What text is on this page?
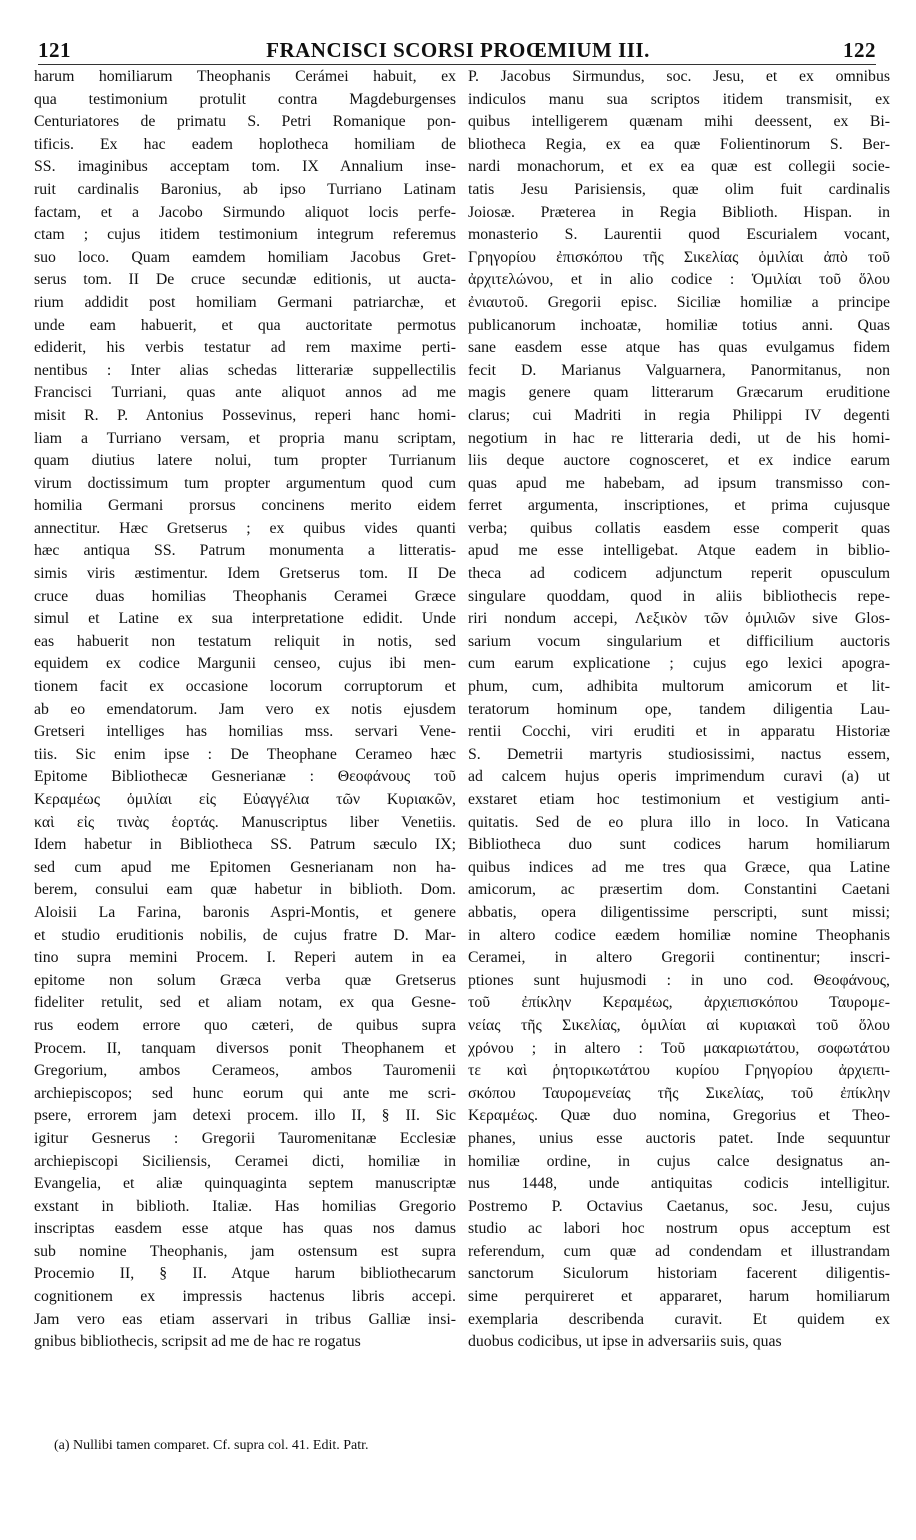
121	FRANCISCI SCORSI PROŒMIUM III.	122
harum homiliarum Theophanis Cerámei habuit, ex
qua testimonium protulit contra Magdeburgenses
Centuriatores de primatu S. Petri Romanique pon-
tificis. Ex hac eadem hoplotheca homiliam de
SS. imaginibus acceptam tom. IX Annalium inse-
ruit cardinalis Baronius, ab ipso Turriano Latinam
factam, et a Jacobo Sirmundo aliquot locis perfe-
ctam ; cujus itidem testimonium integrum referemus
suo loco. Quam eamdem homiliam Jacobus Gret-
serus tom. II De cruce secundæ editionis, ut aucta-
rium addidit post homiliam Germani patriarchæ, et
unde eam habuerit, et qua auctoritate permotus
ediderit, his verbis testatur ad rem maxime perti-
nentibus : Inter alias schedas litterariæ suppellectilis
Francisci Turriani, quas ante aliquot annos ad me
misit R. P. Antonius Possevinus, reperi hanc homi-
liam a Turriano versam, et propria manu scriptam,
quam diutius latere nolui, tum propter Turrianum
virum doctissimum tum propter argumentum quod cum
homilia Germani prorsus concinens merito eidem
annectitur. Hæc Gretserus ; ex quibus vides quanti
hæc antiqua SS. Patrum monumenta a litteratis-
simis viris æstimentur. Idem Gretserus tom. II De
cruce duas homilias Theophanis Ceramei Græce
simul et Latine ex sua interpretatione edidit. Unde
eas habuerit non testatum reliquit in notis, sed
equidem ex codice Margunii censeo, cujus ibi men-
tionem facit ex occasione locorum corruptorum et
ab eo emendatorum. Jam vero ex notis ejusdem
Gretseri intelliges has homilias mss. servari Vene-
tiis. Sic enim ipse : De Theophane Cerameo hæc
Epitome Bibliothecæ Gesnerianæ : Θεοφάνους τοῦ
Κεραμέως ὁμιλίαι εἰς Εὐαγγέλια τῶν Κυριακῶν,
καὶ εἰς τινὰς ἑορτάς. Manuscriptus liber Venetiis.
Idem habetur in Bibliotheca SS. Patrum sæculo IX;
sed cum apud me Epitomen Gesnerianam non ha-
berem, consului eam quæ habetur in biblioth. Dom.
Aloisii La Farina, baronis Aspri-Montis, et genere
et studio eruditionis nobilis, de cujus fratre D. Mar-
tino supra memini Procem. I. Reperi autem in ea
epitome non solum Græca verba quæ Gretserus
fideliter retulit, sed et aliam notam, ex qua Gesne-
rus eodem errore quo cæteri, de quibus supra
Procem. II, tanquam diversos ponit Theophanem et
Gregorium, ambos Cerameos, ambos Tauromenii
archiepiscopos; sed hunc eorum qui ante me scri-
psere, errorem jam detexi procem. illo II, § II. Sic
igitur Gesnerus : Gregorii Tauromenitanæ Ecclesiæ
archiepiscopi Siciliensis, Ceramei dicti, homiliæ in
Evangelia, et aliæ quinquaginta septem manuscriptæ
exstant in biblioth. Italiæ. Has homilias Gregorio
inscriptas easdem esse atque has quas nos damus
sub nomine Theophanis, jam ostensum est supra
Procemio II, § II. Atque harum bibliothecarum
cognitionem ex impressis hactenus libris accepi.
Jam vero eas etiam asservari in tribus Galliæ insi-
gnibus bibliothecis, scripsit ad me de hac re rogatus
P. Jacobus Sirmundus, soc. Jesu, et ex omnibus
indiculos manu sua scriptos itidem transmisit, ex
quibus intelligerem quænam mihi deessent, ex Bi-
bliotheca Regia, ex ea quæ Folientinorum S. Ber-
nardi monachorum, et ex ea quæ est collegii socie-
tatis Jesu Parisiensis, quæ olim fuit cardinalis
Joiosæ. Præterea in Regia Biblioth. Hispan. in
monasterio S. Laurentii quod Escurialem vocant,
Γρηγορίου ἐπισκόπου τῆς Σικελίας ὁμιλίαι ἀπὸ τοῦ
ἀρχιτελώνου, et in alio codice : Ὁμιλίαι τοῦ ὅλου
ἐνιαυτοῦ. Gregorii episc. Siciliæ homiliæ a principe
publicanorum inchoatæ, homiliæ totius anni. Quas
sane easdem esse atque has quas evulgamus fidem
fecit D. Marianus Valguarnera, Panormitanus, non
magis genere quam litterarum Græcarum eruditione
clarus; cui Madriti in regia Philippi IV degenti
negotium in hac re litteraria dedi, ut de his homi-
liis deque auctore cognosceret, et ex indice earum
quas apud me habebam, ad ipsum transmisso con-
ferret argumenta, inscriptiones, et prima cujusque
verba; quibus collatis easdem esse comperit quas
apud me esse intelligebat. Atque eadem in biblio-
theca ad codicem adjunctum reperit opusculum
singulare quoddam, quod in aliis bibliothecis repe-
riri nondum accepi, Λεξικὸν τῶν ὁμιλιῶν sive Glos-
sarium vocum singularium et difficilium auctoris
cum earum explicatione ; cujus ego lexici apogra-
phum, cum, adhibita multorum amicorum et lit-
teratorum hominum ope, tandem diligentia Lau-
rentii Cocchi, viri eruditi et in apparatu Historiæ
S. Demetrii martyris studiosissimi, nactus essem,
ad calcem hujus operis imprimendum curavi (a) ut
exstaret etiam hoc testimonium et vestigium anti-
quitatis. Sed de eo plura illo in loco. In Vaticana
Bibliotheca duo sunt codices harum homiliarum
quibus indices ad me tres qua Græce, qua Latine
amicorum, ac præsertim dom. Constantini Caetani
abbatis, opera diligentissime perscripti, sunt missi;
in altero codice eædem homiliæ nomine Theophanis
Ceramei, in altero Gregorii continentur; inscri-
ptiones sunt hujusmodi : in uno cod. Θεοφάνους,
τοῦ ἐπίκλην Κεραμέως, ἀρχιεπισκόπου Ταυρομε-
νείας τῆς Σικελίας, ὁμιλίαι αἱ κυριακαὶ τοῦ ὅλου
χρόνου ; in altero : Τοῦ μακαριωτάτου, σοφωτάτου
τε καὶ ῥητορικωτάτου κυρίου Γρηγορίου ἀρχιεπι-
σκόπου Ταυρομενείας τῆς Σικελίας, τοῦ ἐπίκλην
Κεραμέως. Quæ duo nomina, Gregorius et Theo-
phanes, unius esse auctoris patet. Inde sequuntur
homiliæ ordine, in cujus calce designatus an-
nus 1448, unde antiquitas codicis intelligitur.
Postremo P. Octavius Caetanus, soc. Jesu, cujus
studio ac labori hoc nostrum opus acceptum est
referendum, cum quæ ad condendam et illustrandam
sanctorum Siculorum historiam facerent diligentis-
sime perquireret et appararet, harum homiliarum
exemplaria describenda curavit. Et quidem ex
duobus codicibus, ut ipse in adversariis suis, quas
(a) Nullibi tamen comparet. Cf. supra col. 41. Edit. Patr.
